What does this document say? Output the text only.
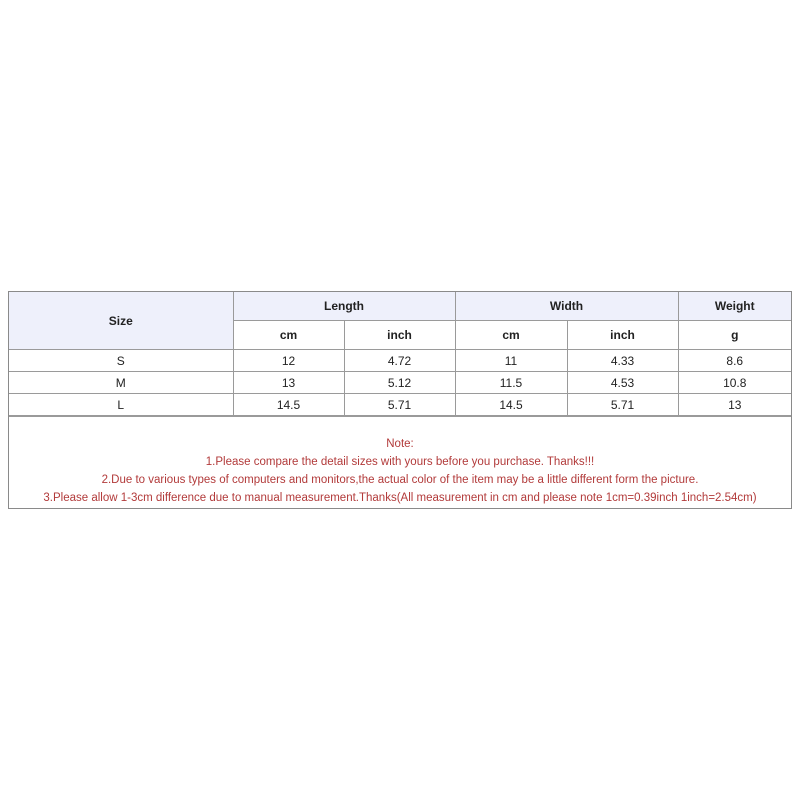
Size	Length		Width		Weight
	cm	inch	cm	inch	g
S	12	4.72	11	4.33	8.6
M	13	5.12	11.5	4.53	10.8
L	14.5	5.71	14.5	5.71	13
Note:
1.Please compare the detail sizes with yours before you purchase. Thanks!!!
2.Due to various types of computers and monitors,the actual color of the item may be a little different form the picture.
3.Please allow 1-3cm difference due to manual measurement.Thanks(All measurement in cm and please note 1cm=0.39inch 1inch=2.54cm)
